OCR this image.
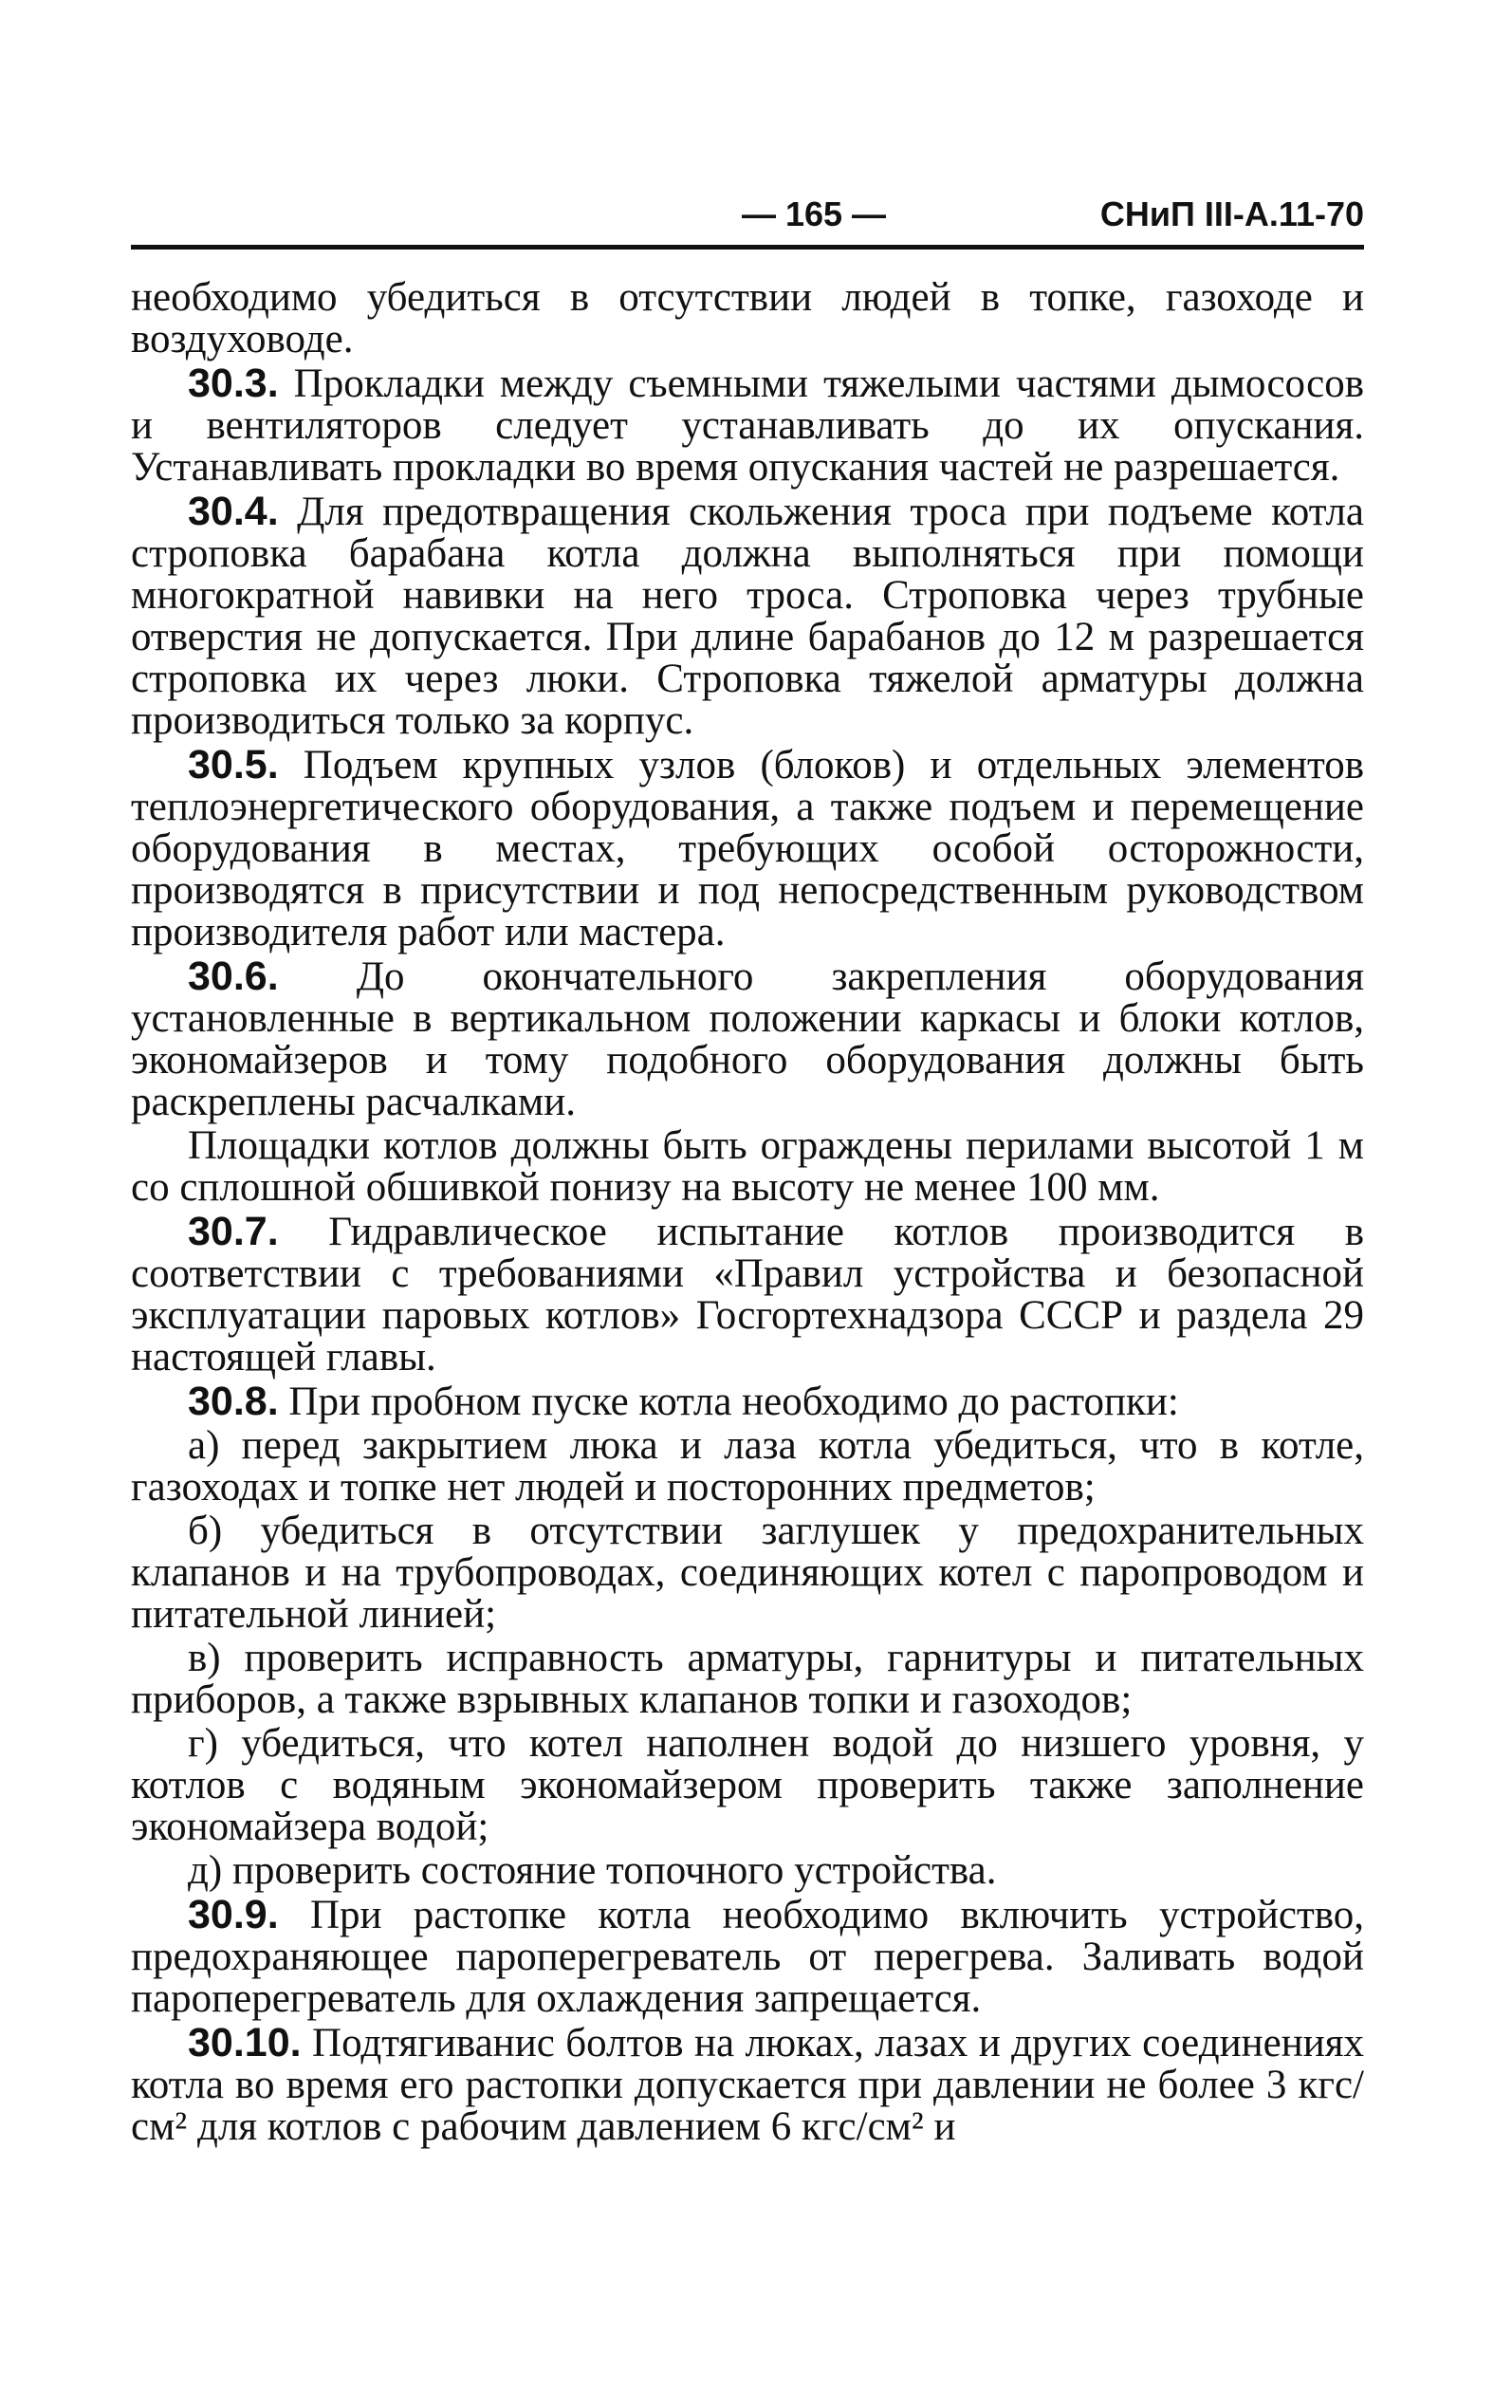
— 165 —	СНиП III-А.11-70

необходимо убедиться в отсутствии людей в топке, газоходе и воздуховоде.

30.3. Прокладки между съемными тяжелыми частями дымососов и вентиляторов следует устанавливать до их опускания. Устанавливать прокладки во время опускания частей не разрешается.

30.4. Для предотвращения скольжения троса при подъеме котла строповка барабана котла должна выполняться при помощи многократной навивки на него троса. Строповка через трубные отверстия не допускается. При длине барабанов до 12 м разрешается строповка их через люки. Строповка тяжелой арматуры должна производиться только за корпус.

30.5. Подъем крупных узлов (блоков) и отдельных элементов теплоэнергетического оборудования, а также подъем и перемещение оборудования в местах, требующих особой осторожности, производятся в присутствии и под непосредственным руководством производителя работ или мастера.

30.6. До окончательного закрепления оборудования установленные в вертикальном положении каркасы и блоки котлов, экономайзеров и тому подобного оборудования должны быть раскреплены расчалками.

Площадки котлов должны быть ограждены перилами высотой 1 м со сплошной обшивкой понизу на высоту не менее 100 мм.

30.7. Гидравлическое испытание котлов производится в соответствии с требованиями «Правил устройства и безопасной эксплуатации паровых котлов» Госгортехнадзора СССР и раздела 29 настоящей главы.

30.8. При пробном пуске котла необходимо до растопки:

а) перед закрытием люка и лаза котла убедиться, что в котле, газоходах и топке нет людей и посторонних предметов;

б) убедиться в отсутствии заглушек у предохранительных клапанов и на трубопроводах, соединяющих котел с паропроводом и питательной линией;

в) проверить исправность арматуры, гарнитуры и питательных приборов, а также взрывных клапанов топки и газоходов;

г) убедиться, что котел наполнен водой до низшего уровня, у котлов с водяным экономайзером проверить также заполнение экономайзера водой;

д) проверить состояние топочного устройства.

30.9. При растопке котла необходимо включить устройство, предохраняющее пароперегреватель от перегрева. Заливать водой пароперегреватель для охлаждения запрещается.

30.10. Подтягиванис болтов на люках, лазах и других соединениях котла во время его растопки допускается при давлении не более 3 кгс/см² для котлов с рабочим давлением 6 кгс/см² и
